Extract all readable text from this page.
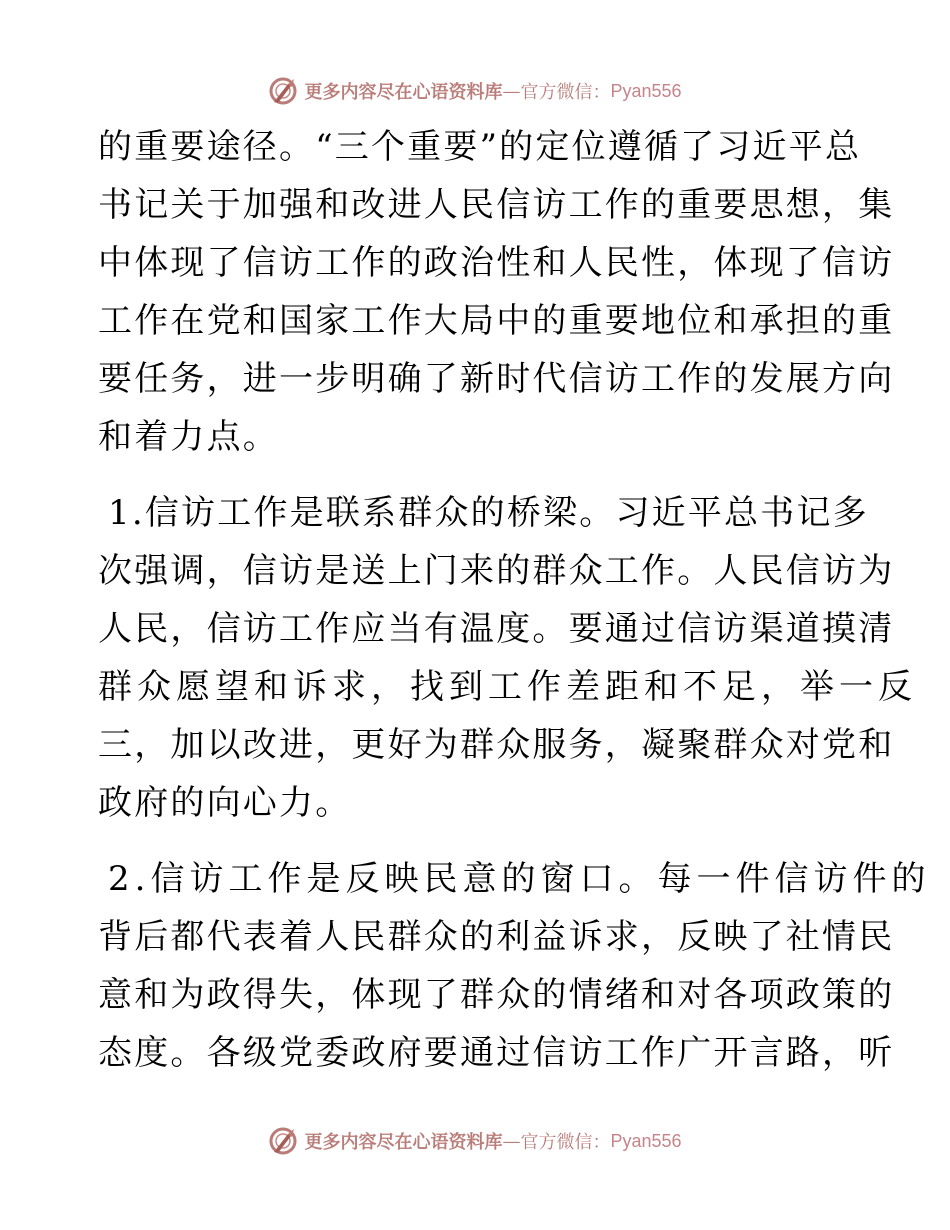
更多内容尽在心语资料库 — 官方微信： Pyan556
的重要途径。“三个重要”的定位遵循了习近平总
书记关于加强和改进人民信访工作的重要思想，集
中体现了信访工作的政治性和人民性，体现了信访
工作在党和国家工作大局中的重要地位和承担的重
要任务，进一步明确了新时代信访工作的发展方向
和着力点。
1.信访工作是联系群众的桥梁。习近平总书记多
次强调，信访是送上门来的群众工作。人民信访为
人民，信访工作应当有温度。要通过信访渠道摸清
群众愿望和诉求，找到工作差距和不足，举一反
三，加以改进，更好为群众服务，凝聚群众对党和
政府的向心力。
2.信访工作是反映民意的窗口。每一件信访件的
背后都代表着人民群众的利益诉求，反映了社情民
意和为政得失，体现了群众的情绪和对各项政策的
态度。各级党委政府要通过信访工作广开言路，听
更多内容尽在心语资料库 — 官方微信： Pyan556
